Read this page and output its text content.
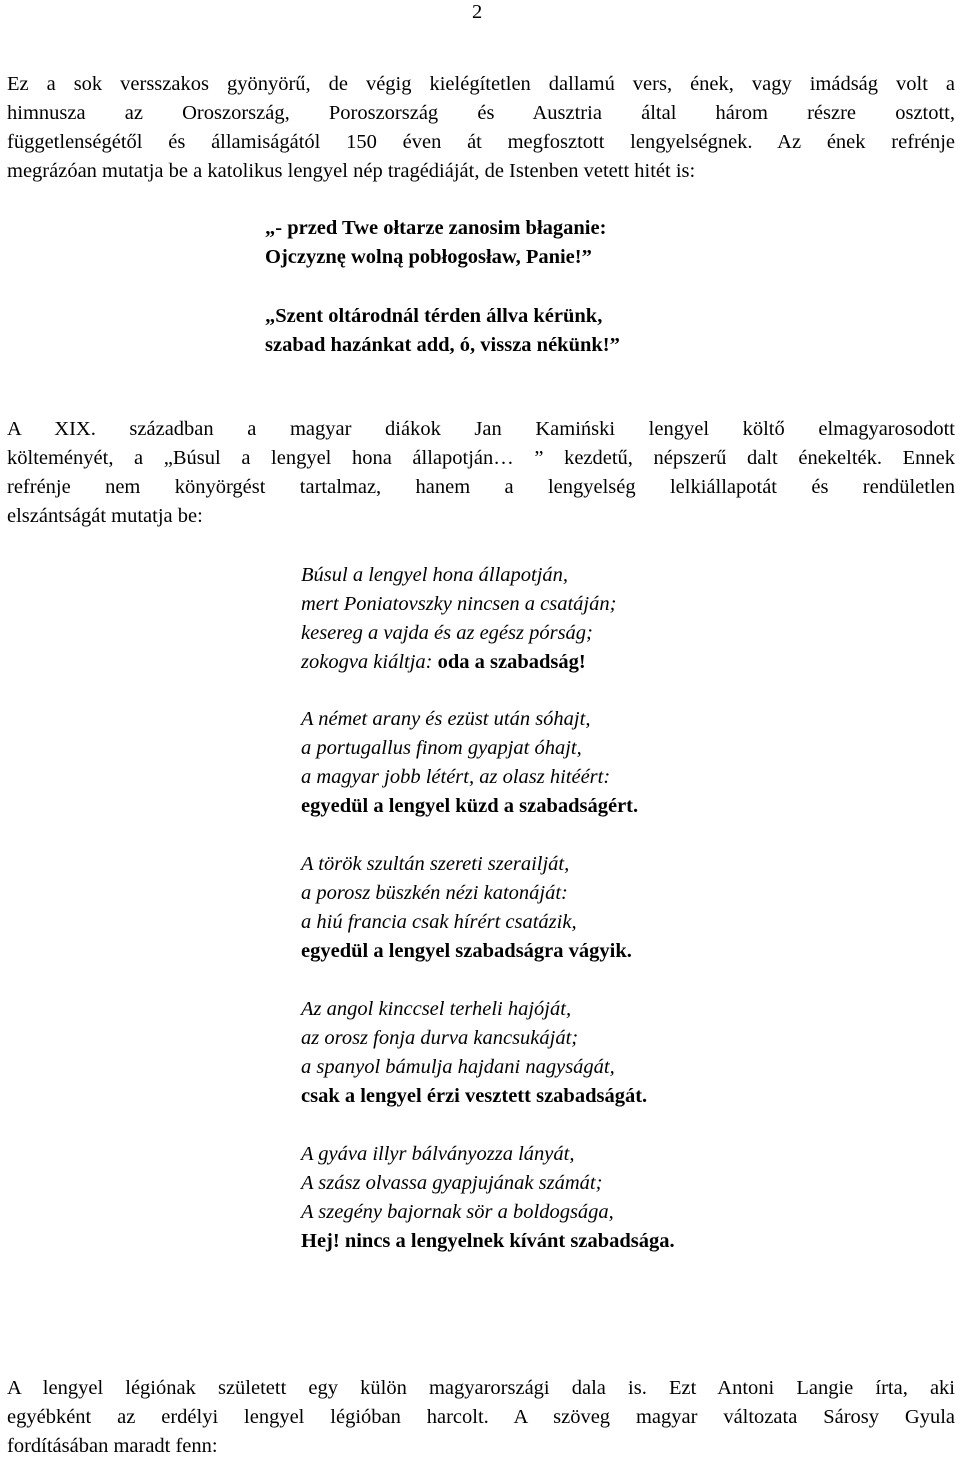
2
Ez a sok versszakos gyönyörű, de végig kielégítetlen dallamú vers, ének, vagy imádság volt a
himnusza az Oroszország, Poroszország és Ausztria által három részre osztott,
függetlenségétől és államiságától 150 éven át megfosztott lengyelségnek. Az ének refrénje
megrázóan mutatja be a katolikus lengyel nép tragédiáját, de Istenben vetett hitét is:
„- przed Twe ołtarze zanosim błaganie:
Ojczyznę wolną pobłogosław, Panie!”
„Szent oltárodnál térden állva kérünk,
szabad hazánkat add, ó, vissza nékünk!”
A XIX. században a magyar diákok Jan Kamiński lengyel költő elmagyarosodott
költeményét, a „Búsul a lengyel hona állapotján… ” kezdetű, népszerű dalt énekelték. Ennek
refrénje nem könyörgést tartalmaz, hanem a lengyelség lelkiállapotát és rendületlen
elszántságát mutatja be:
Búsul a lengyel hona állapotján,
mert Poniatovszky nincsen a csatáján;
kesereg a vajda és az egész pórság;
zokogva kiáltja: oda a szabadság!
A német arany és ezüst után sóhajt,
a portugallus finom gyapjat óhajt,
a magyar jobb létért, az olasz hitéért:
egyedül a lengyel küzd a szabadságért.
A török szultán szereti szerailját,
a porosz büszkén nézi katonáját:
a hiú francia csak hírért csatázik,
egyedül a lengyel szabadságra vágyik.
Az angol kinccsel terheli hajóját,
az orosz fonja durva kancsukáját;
a spanyol bámulja hajdani nagyságát,
csak a lengyel érzi vesztett szabadságát.
A gyáva illyr bálványozza lányát,
A szász olvassa gyapjujának számát;
A szegény bajornak sör a boldogsága,
Hej! nincs a lengyelnek kívánt szabadsága.
A lengyel légiónak született egy külön magyarországi dala is. Ezt Antoni Langie írta, aki
egyébként az erdélyi lengyel légióban harcolt. A szöveg magyar változata Sárosy Gyula
fordításában maradt fenn:
